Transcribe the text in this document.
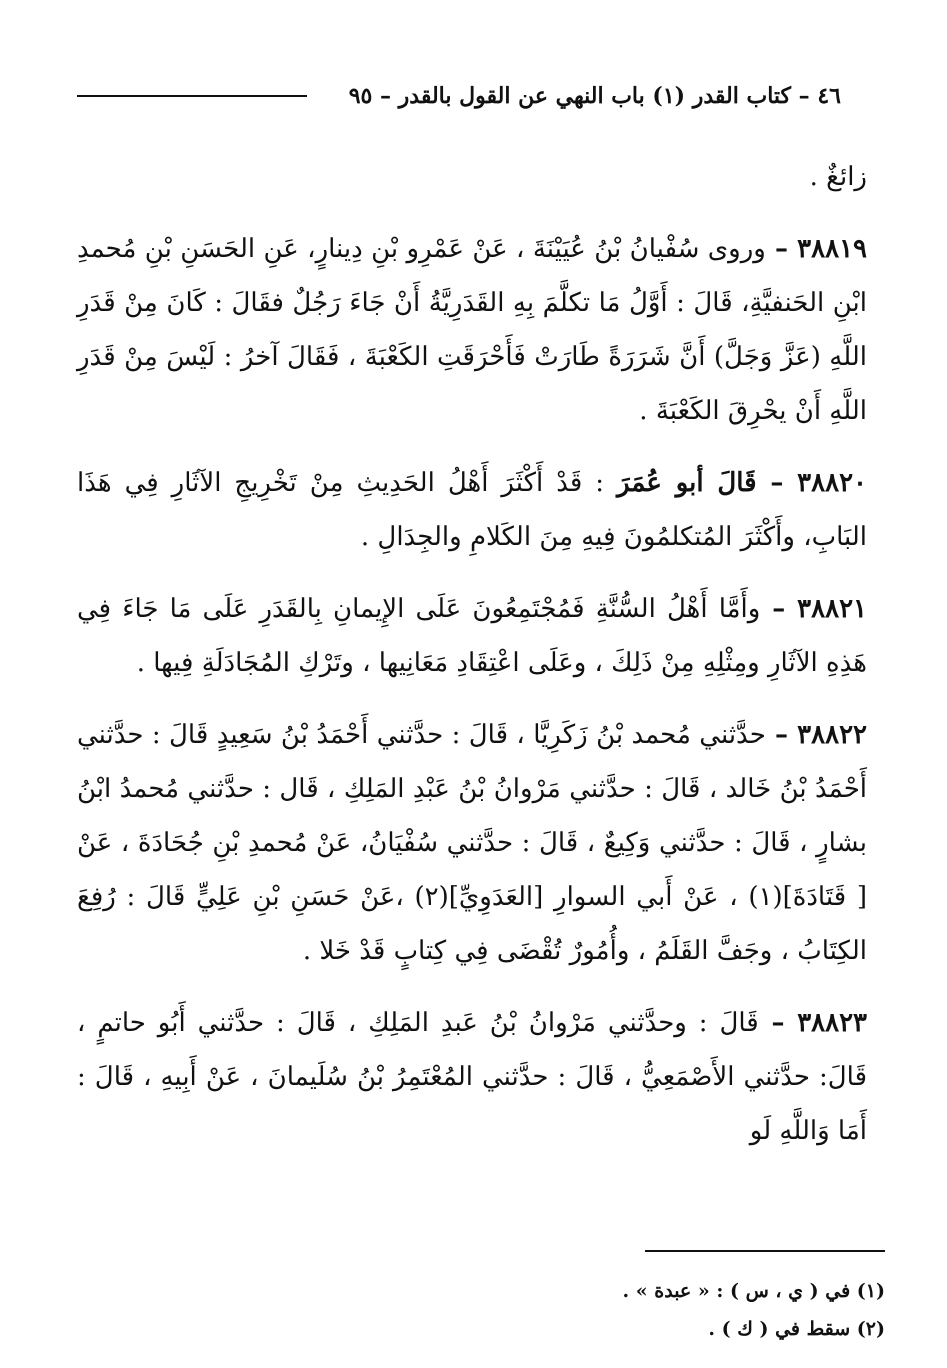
٤٦ – كتاب القدر (١) باب النهي عن القول بالقدر – ٩٥

زائغٌ .

٣٨٨١٩ – وروى سُفْيانُ بْنُ عُيَيْنَةَ ، عَنْ عَمْرِو بْنِ دِينارٍ، عَنِ الحَسَنِ بْنِ مُحمدِ ابْنِ الحَنفيَّةِ، قَالَ : أَوَّلُ مَا تكلَّمَ بِهِ القَدَرِيَّةُ أَنْ جَاءَ رَجُلٌ فقَالَ : كَانَ مِنْ قَدَرِ اللَّهِ (عَزَّ وَجَلَّ) أَنَّ شَرَرَةً طَارَتْ فَأَحْرَقَتِ الكَعْبَةَ ، فَقَالَ آخرُ : لَيْسَ مِنْ قَدَرِ اللَّهِ أَنْ يحْرِقَ الكَعْبَةَ .

٣٨٨٢٠ – قَالَ أبو عُمَرَ : قَدْ أَكْثَرَ أَهْلُ الحَدِيثِ مِنْ تَخْرِيجِ الآثَارِ فِي هَذَا البَابِ، وأَكْثَرَ المُتكلمُونَ فِيهِ مِنَ الكَلامِ والجِدَالِ .

٣٨٨٢١ – وأَمَّا أَهْلُ السُّنَّةِ فَمُجْتَمِعُونَ عَلَى الإِيمانِ بِالقَدَرِ عَلَى مَا جَاءَ فِي هَذِهِ الآثَارِ ومِثْلِهِ مِنْ ذَلِكَ ، وعَلَى اعْتِقَادِ مَعَانِيها ، وتَرْكِ المُجَادَلَةِ فِيها .

٣٨٨٢٢ – حدَّثني مُحمد بْنُ زَكَرِيَّا ، قَالَ : حدَّثني أَحْمَدُ بْنُ سَعِيدٍ قَالَ : حدَّثني أَحْمَدُ بْنُ خَالد ، قَالَ : حدَّثني مَرْوانُ بْنُ عَبْدِ المَلِكِ ، قَال : حدَّثني مُحمدُ ابْنُ بشارٍ ، قَالَ : حدَّثني وَكِيعٌ ، قَالَ : حدَّثني سُفْيَانُ، عَنْ مُحمدِ بْنِ جُحَادَةَ ، عَنْ [ قَتَادَةَ](١) ، عَنْ أَبي السوارِ [العَدَوِيِّ](٢) ،عَنْ حَسَنِ بْنِ عَلِيٍّ قَالَ : رُفِعَ الكِتَابُ ، وجَفَّ القَلَمُ ، وأُمُورٌ تُقْضَى فِي كِتابٍ قَدْ خَلا .

٣٨٨٢٣ – قَالَ : وحدَّثني مَرْوانُ بْنُ عَبدِ المَلِكِ ، قَالَ : حدَّثني أَبُو حاتمٍ ، قَالَ: حدَّثني الأَصْمَعِيُّ ، قَالَ : حدَّثني المُعْتَمِرُ بْنُ سُلَيمانَ ، عَنْ أَبِيهِ ، قَالَ : أَمَا وَاللَّهِ لَو

(١) في ( ي ، س ) : « عبدة » .

(٢) سقط في ( ك ) .
